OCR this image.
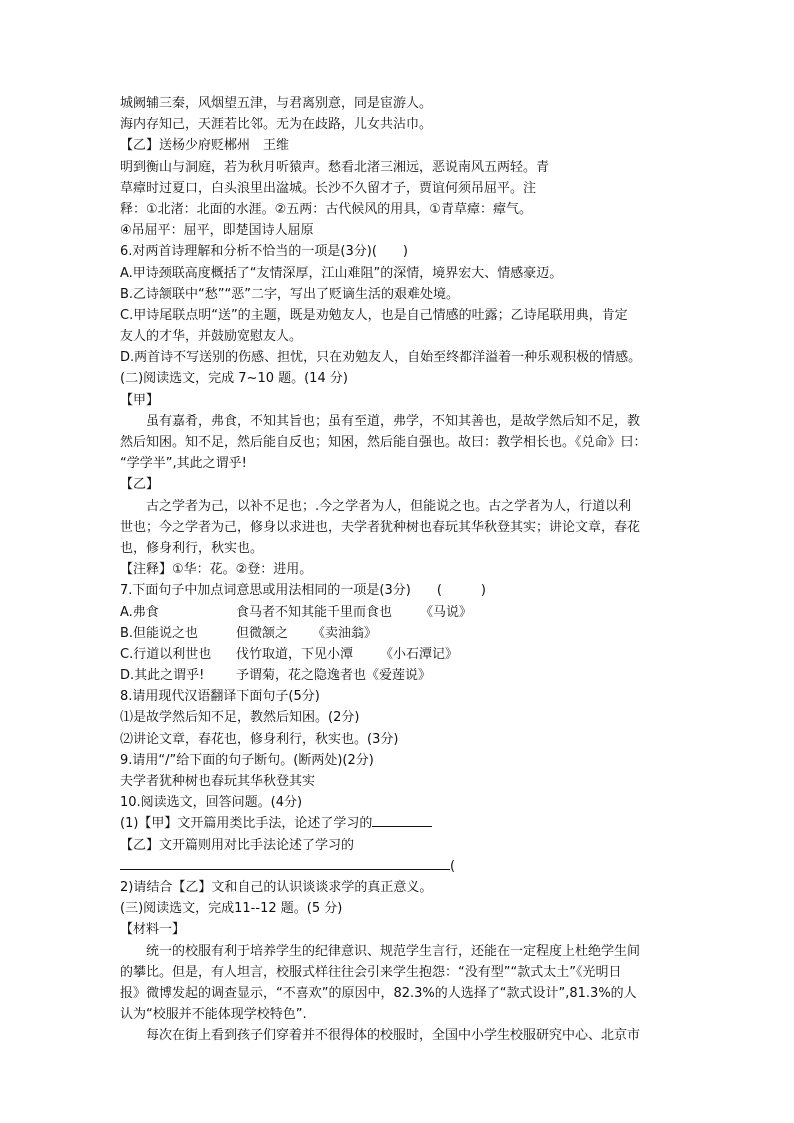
城阙辅三秦，风烟望五津，与君离别意，同是宦游人。
海内存知己，天涯若比邻。无为在歧路，儿女共沾巾。
【乙】送杨少府贬郴州　王维
明到衡山与洞庭，若为秋月听猿声。愁看北渚三湘远，恶说南风五两轻。青
草瘴时过夏口，白头浪里出湓城。长沙不久留才子，贾谊何须吊屈平。注
释：①北渚：北面的水涯。②五两：古代候风的用具，①青草瘴：瘴气。
④吊屈平：屈平，即楚国诗人屈原
6.对两首诗理解和分析不恰当的一项是(3分)(　　)
A.甲诗颈联高度概括了“友情深厚，江山难阻”的深情，境界宏大、情感豪迈。
B.乙诗颔联中“愁”“恶”二字，写出了贬谪生活的艰难处境。
C.甲诗尾联点明“送”的主题，既是劝勉友人，也是自己情感的吐露；乙诗尾联用典，肯定
友人的才华，并鼓励宽慰友人。
D.两首诗不写送别的伤感、担忧，只在劝勉友人，自始至终都洋溢着一种乐观积极的情感。
(二)阅读选文，完成 7~10 题。(14 分)
【甲】
虽有嘉肴，弗食，不知其旨也；虽有至道，弗学，不知其善也，是故学然后知不足，教
然后知困。知不足，然后能自反也；知困，然后能自强也。故曰：教学相长也。《兑命》曰：
“学学半”,其此之谓乎!
【乙】
古之学者为己，以补不足也；.今之学者为人，但能说之也。古之学者为人，行道以利
世也；今之学者为己，修身以求进也，夫学者犹种树也春玩其华秋登其实；讲论文章，春花
也，修身利行，秋实也。
【注释】①华：花。②登：进用。
7.下面句子中加点词意思或用法相同的一项是(3分)　　(　　　)
A.弗食	食马者不知其能千里而食也 《马说》
B.但能说之也	但微颔之 《卖油翁》
C.行道以利世也 伐竹取道，下见小潭 《小石潭记》
D.其此之谓乎! 予谓菊，花之隐逸者也《爱莲说》
8.请用现代汉语翻译下面句子(5分)
⑴是故学然后知不足，教然后知困。(2分)
⑵讲论文章，春花也，修身利行，秋实也。(3分)
9.请用“/”给下面的句子断句。(断两处)(2分)
夫学者犹种树也春玩其华秋登其实
10.阅读选文，回答问题。(4分)
(1)【甲】文开篇用类比手法，论述了学习的
【乙】文开篇则用对比手法论述了学习的
(
2)请结合【乙】文和自己的认识谈谈求学的真正意义。
(三)阅读选文，完成11--12 题。(5 分)
【材料一】
统一的校服有利于培养学生的纪律意识、规范学生言行，还能在一定程度上杜绝学生间
的攀比。但是，有人坦言，校服式样往往会引来学生抱怨：“没有型”“款式太土”《光明日
报》微博发起的调查显示，“不喜欢”的原因中，82.3%的人选择了“款式设计”,81.3%的人
认为“校服并不能体现学校特色”.
每次在街上看到孩子们穿着并不很得体的校服时，全国中小学生校服研究中心、北京市
